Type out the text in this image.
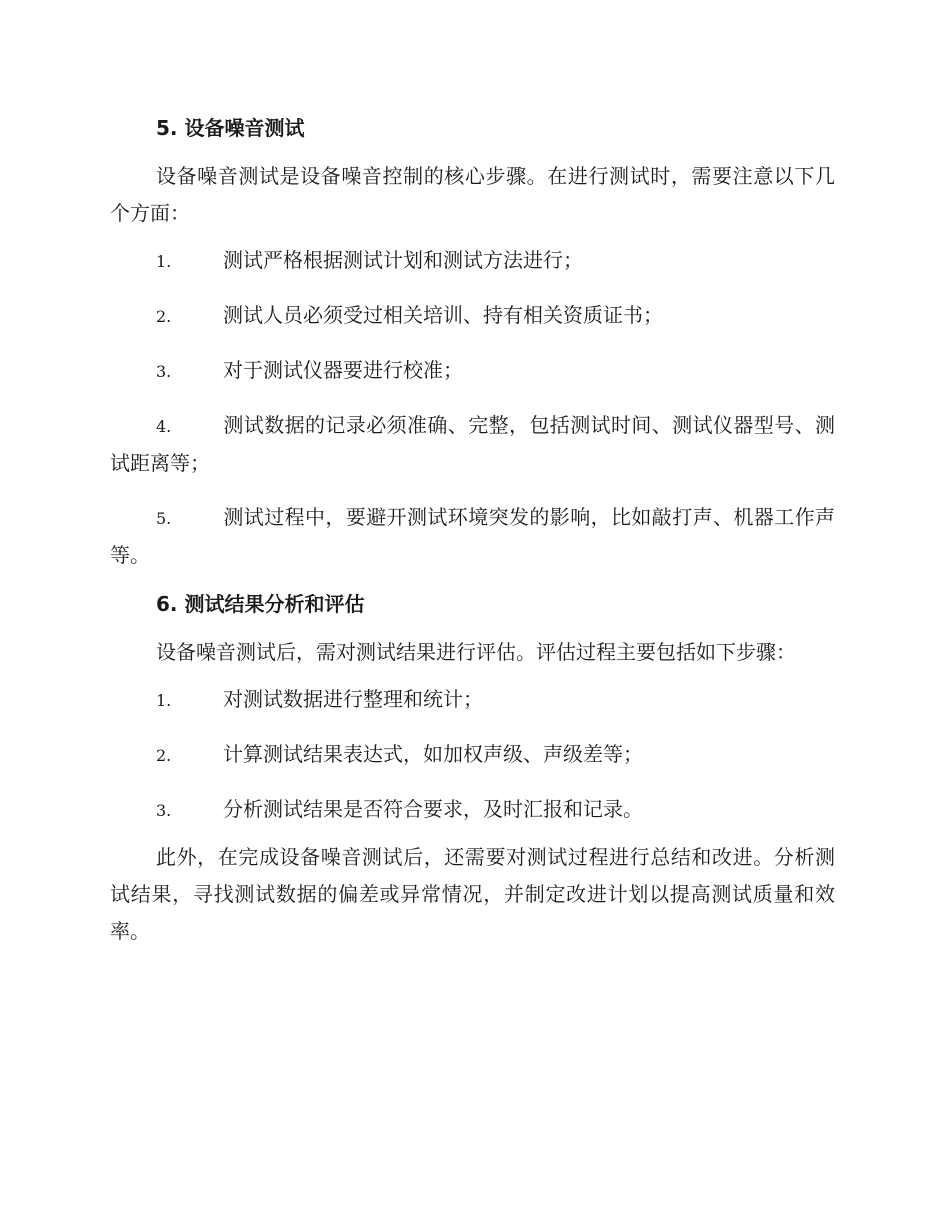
5. 设备噪音测试

设备噪音测试是设备噪音控制的核心步骤。在进行测试时，需要注意以下几个方面：

1.	测试严格根据测试计划和测试方法进行；

2.	测试人员必须受过相关培训、持有相关资质证书；

3.	对于测试仪器要进行校准；

4.	测试数据的记录必须准确、完整，包括测试时间、测试仪器型号、测试距离等；

5.	测试过程中，要避开测试环境突发的影响，比如敲打声、机器工作声等。

6. 测试结果分析和评估

设备噪音测试后，需对测试结果进行评估。评估过程主要包括如下步骤：

1.	对测试数据进行整理和统计；

2.	计算测试结果表达式，如加权声级、声级差等；

3.	分析测试结果是否符合要求，及时汇报和记录。

此外，在完成设备噪音测试后，还需要对测试过程进行总结和改进。分析测试结果，寻找测试数据的偏差或异常情况，并制定改进计划以提高测试质量和效率。
